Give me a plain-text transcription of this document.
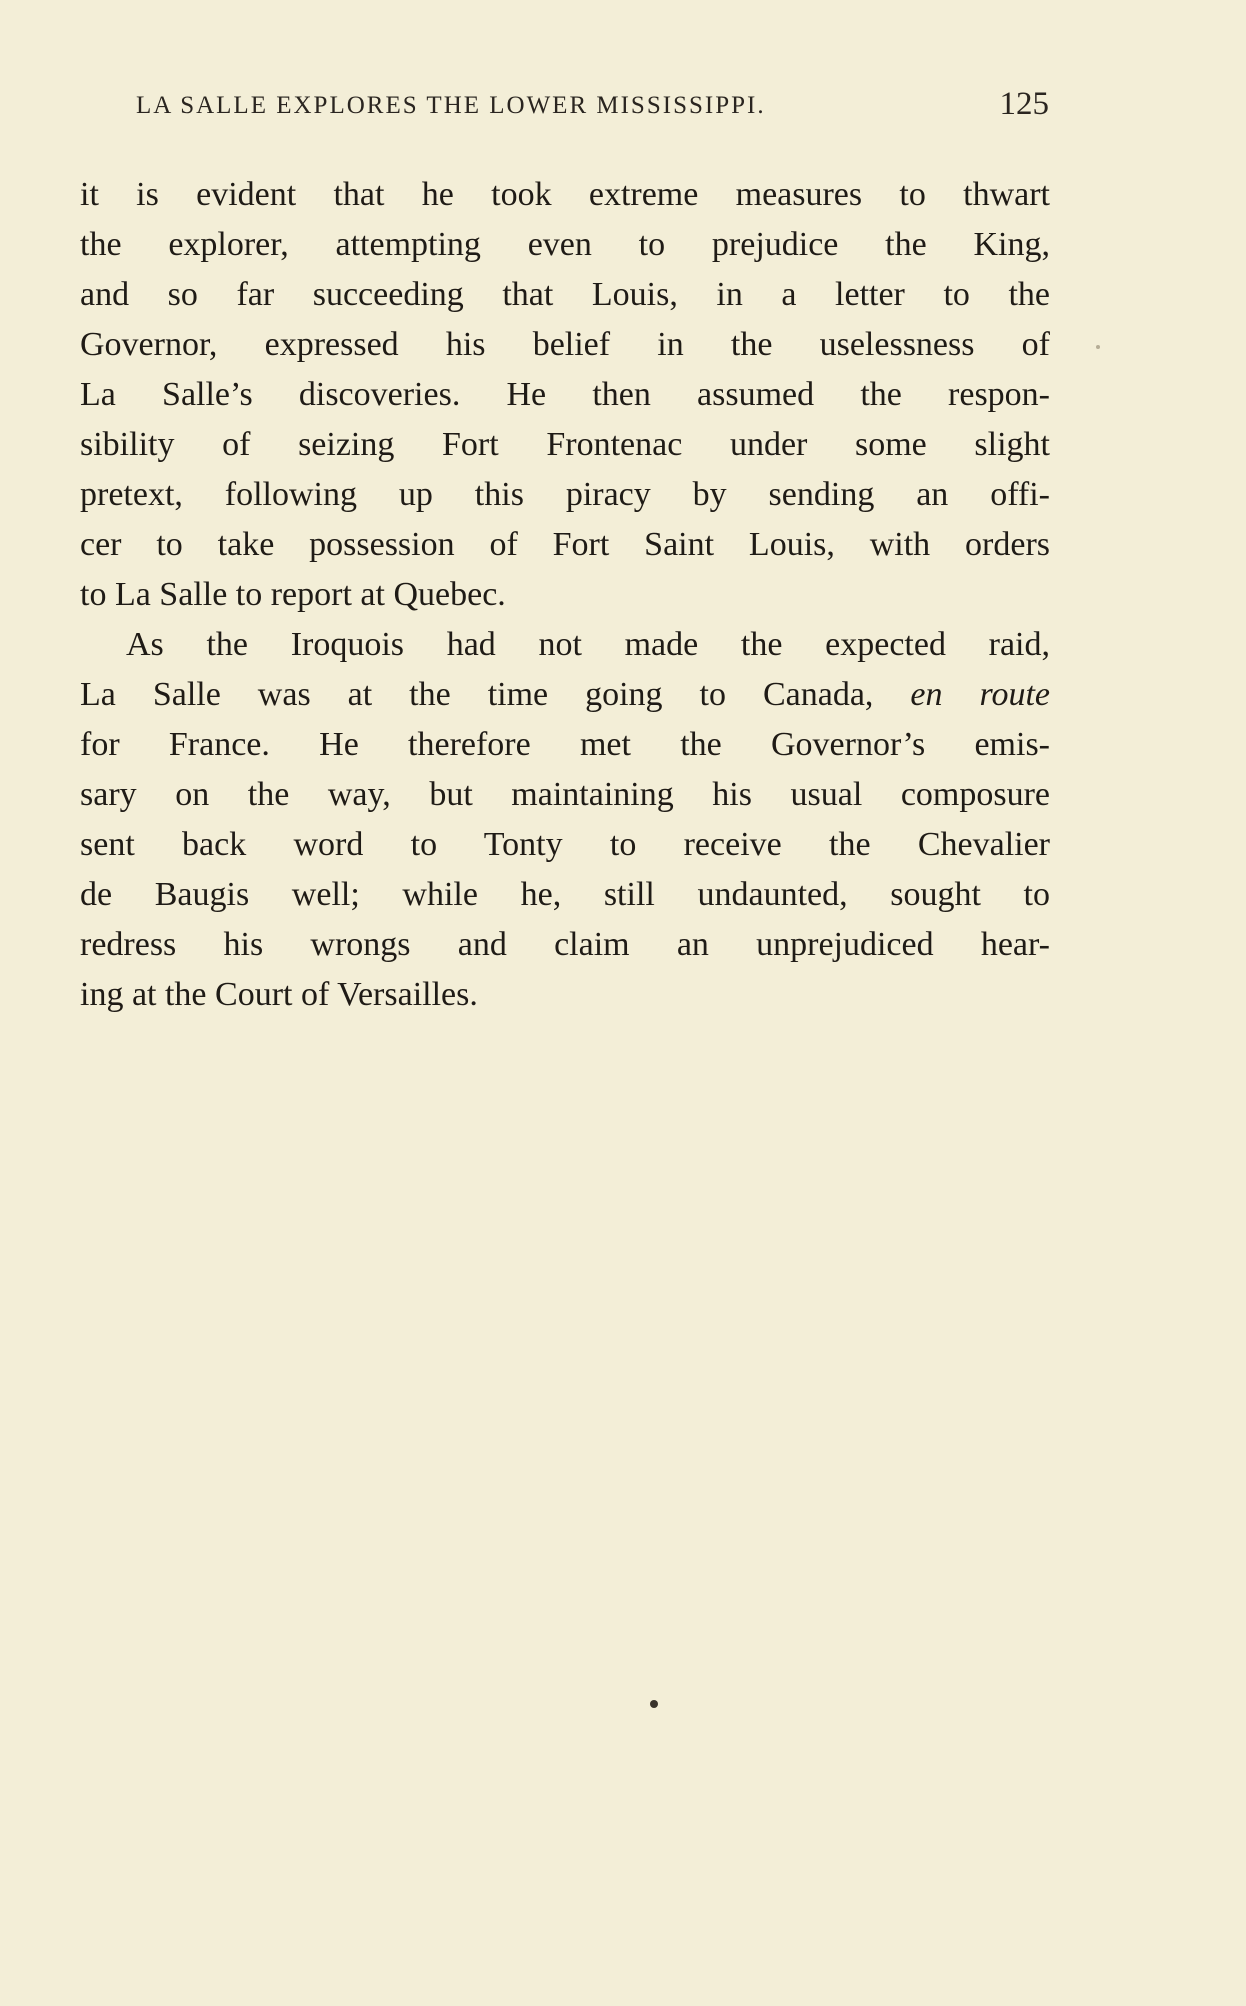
LA SALLE EXPLORES THE LOWER MISSISSIPPI.	125
it is evident that he took extreme measures to thwart
the explorer, attempting even to prejudice the King,
and so far succeeding that Louis, in a letter to the
Governor, expressed his belief in the uselessness of
La Salle’s discoveries. He then assumed the respon-
sibility of seizing Fort Frontenac under some slight
pretext, following up this piracy by sending an offi-
cer to take possession of Fort Saint Louis, with orders
to La Salle to report at Quebec.
As the Iroquois had not made the expected raid,
La Salle was at the time going to Canada, en route
for France. He therefore met the Governor’s emis-
sary on the way, but maintaining his usual composure
sent back word to Tonty to receive the Chevalier
de Baugis well; while he, still undaunted, sought to
redress his wrongs and claim an unprejudiced hear-
ing at the Court of Versailles.
